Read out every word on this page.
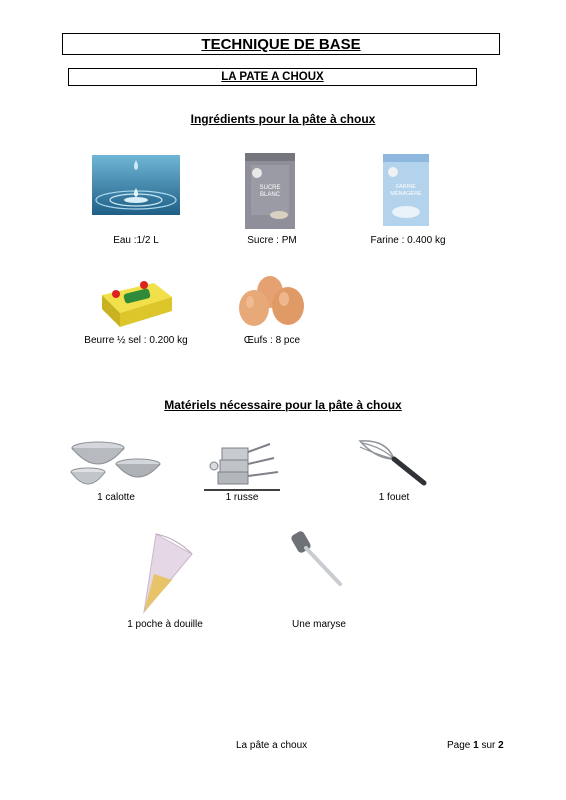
TECHNIQUE DE BASE
LA PATE A CHOUX
Ingrédients pour la pâte à choux
Eau :1/2 L
SUCRE
BLANC
Sucre : PM
FARINE
MÉNAGÈRE
Farine : 0.400 kg
Beurre ½ sel : 0.200 kg	Œufs : 8 pce
Matériels nécessaire pour la pâte à choux
1 calotte	1 russe	1 fouet
1 poche à douille	Une maryse
La pâte a choux	Page 1 sur 2
